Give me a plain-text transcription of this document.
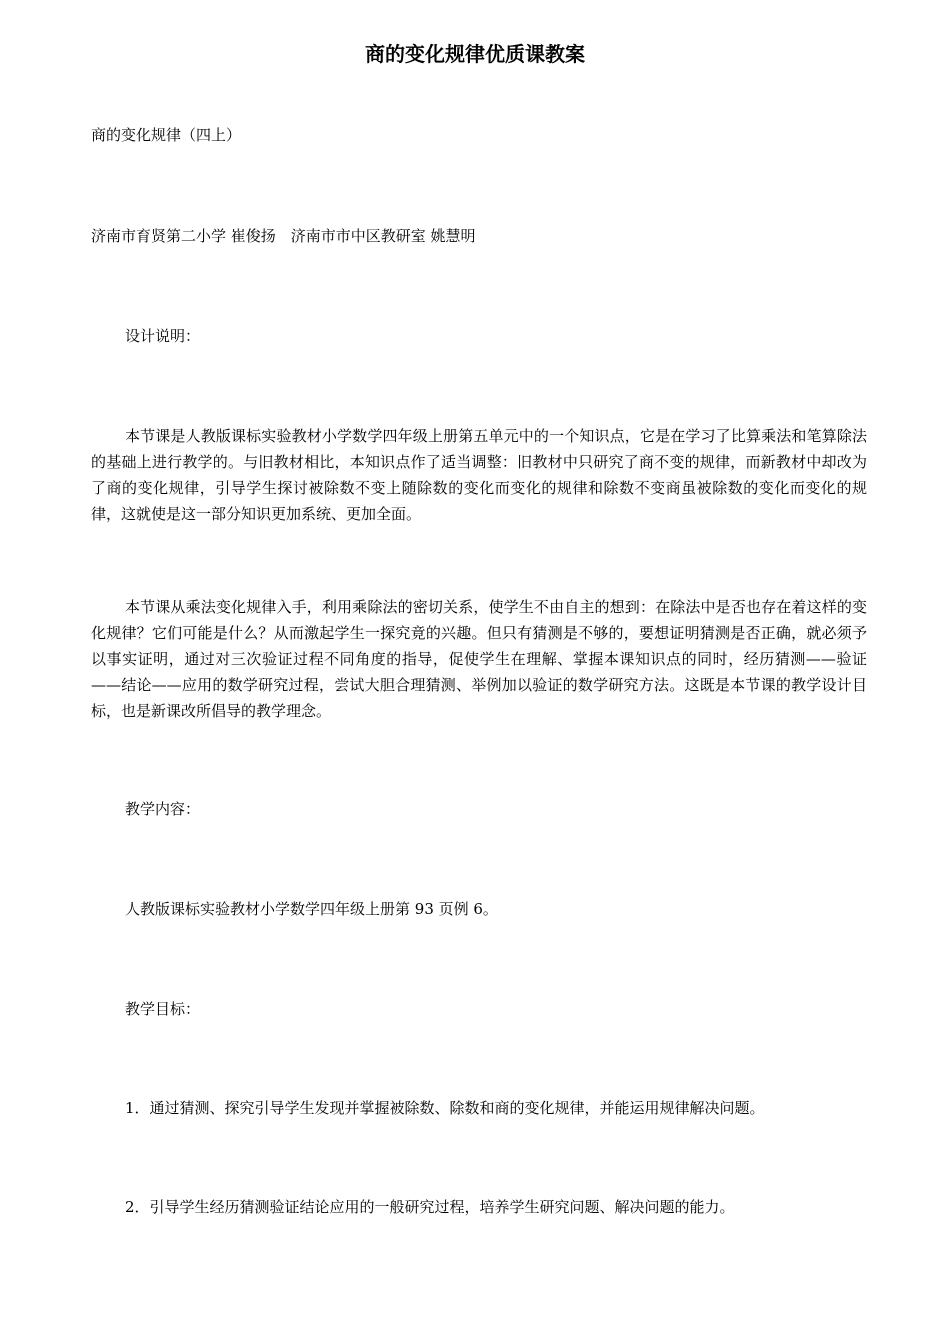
商的变化规律优质课教案
商的变化规律（四上）
济南市育贤第二小学 崔俊扬　济南市市中区教研室 姚慧明
设计说明：
本节课是人教版课标实验教材小学数学四年级上册第五单元中的一个知识点，它是在学习了比算乘法和笔算除法的基础上进行教学的。与旧教材相比，本知识点作了适当调整：旧教材中只研究了商不变的规律，而新教材中却改为了商的变化规律，引导学生探讨被除数不变上随除数的变化而变化的规律和除数不变商虽被除数的变化而变化的规律，这就使是这一部分知识更加系统、更加全面。
本节课从乘法变化规律入手，利用乘除法的密切关系，使学生不由自主的想到：在除法中是否也存在着这样的变化规律？它们可能是什么？从而激起学生一探究竟的兴趣。但只有猜测是不够的，要想证明猜测是否正确，就必须予以事实证明，通过对三次验证过程不同角度的指导，促使学生在理解、掌握本课知识点的同时，经历猜测——验证——结论——应用的数学研究过程，尝试大胆合理猜测、举例加以验证的数学研究方法。这既是本节课的教学设计目标，也是新课改所倡导的教学理念。
教学内容：
人教版课标实验教材小学数学四年级上册第 93 页例 6。
教学目标：
1．通过猜测、探究引导学生发现并掌握被除数、除数和商的变化规律，并能运用规律解决问题。
2．引导学生经历猜测验证结论应用的一般研究过程，培养学生研究问题、解决问题的能力。
